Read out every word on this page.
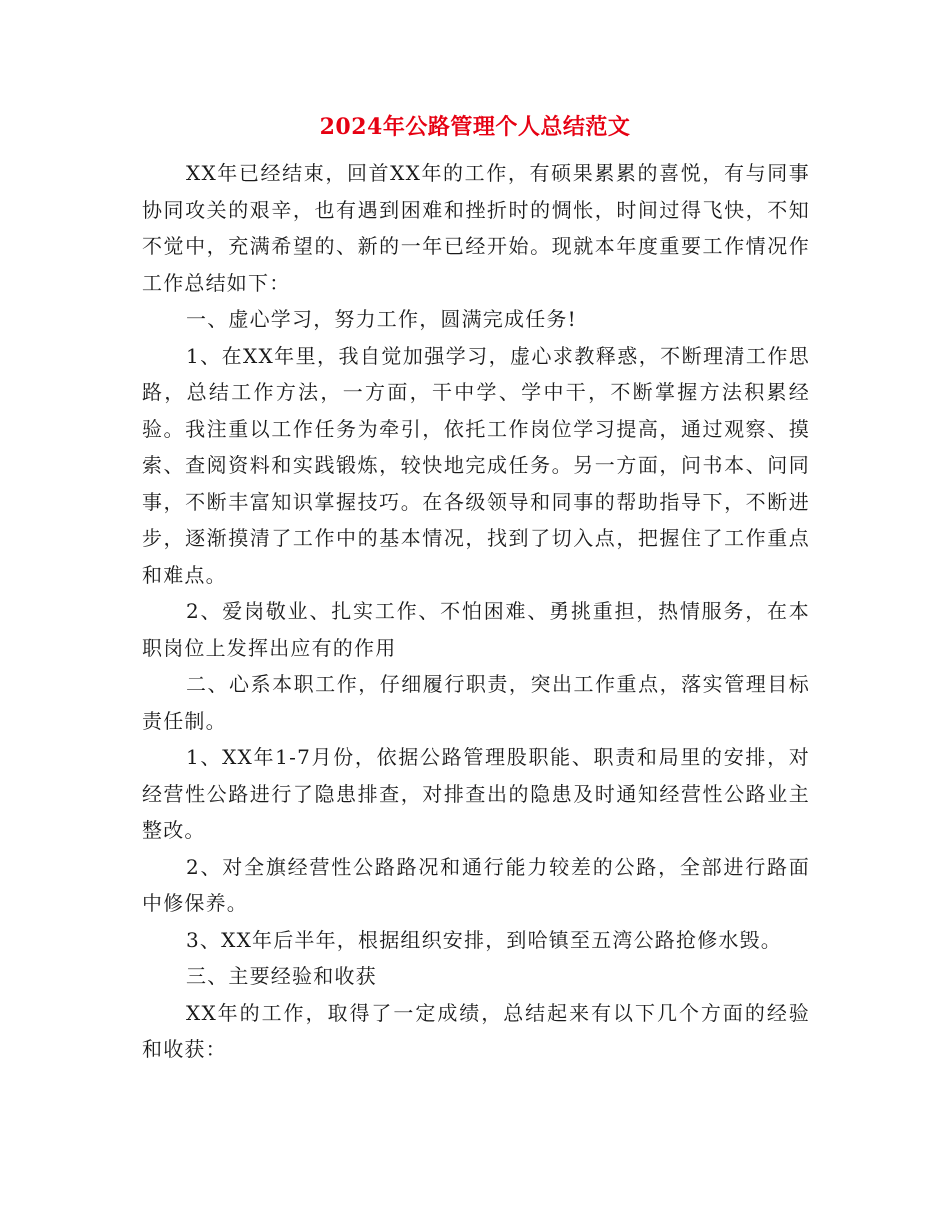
2024年公路管理个人总结范文

XX年已经结束，回首XX年的工作，有硕果累累的喜悦，有与同事协同攻关的艰辛，也有遇到困难和挫折时的惆怅，时间过得飞快，不知不觉中，充满希望的、新的一年已经开始。现就本年度重要工作情况作工作总结如下：

一、虚心学习，努力工作，圆满完成任务!

1、在XX年里，我自觉加强学习，虚心求教释惑，不断理清工作思路，总结工作方法，一方面，干中学、学中干，不断掌握方法积累经验。我注重以工作任务为牵引，依托工作岗位学习提高，通过观察、摸索、查阅资料和实践锻炼，较快地完成任务。另一方面，问书本、问同事，不断丰富知识掌握技巧。在各级领导和同事的帮助指导下，不断进步，逐渐摸清了工作中的基本情况，找到了切入点，把握住了工作重点和难点。

2、爱岗敬业、扎实工作、不怕困难、勇挑重担，热情服务，在本职岗位上发挥出应有的作用

二、心系本职工作，仔细履行职责，突出工作重点，落实管理目标责任制。

1、XX年1-7月份，依据公路管理股职能、职责和局里的安排，对经营性公路进行了隐患排查，对排查出的隐患及时通知经营性公路业主整改。

2、对全旗经营性公路路况和通行能力较差的公路，全部进行路面中修保养。

3、XX年后半年，根据组织安排，到哈镇至五湾公路抢修水毁。

三、主要经验和收获

XX年的工作，取得了一定成绩，总结起来有以下几个方面的经验和收获：
